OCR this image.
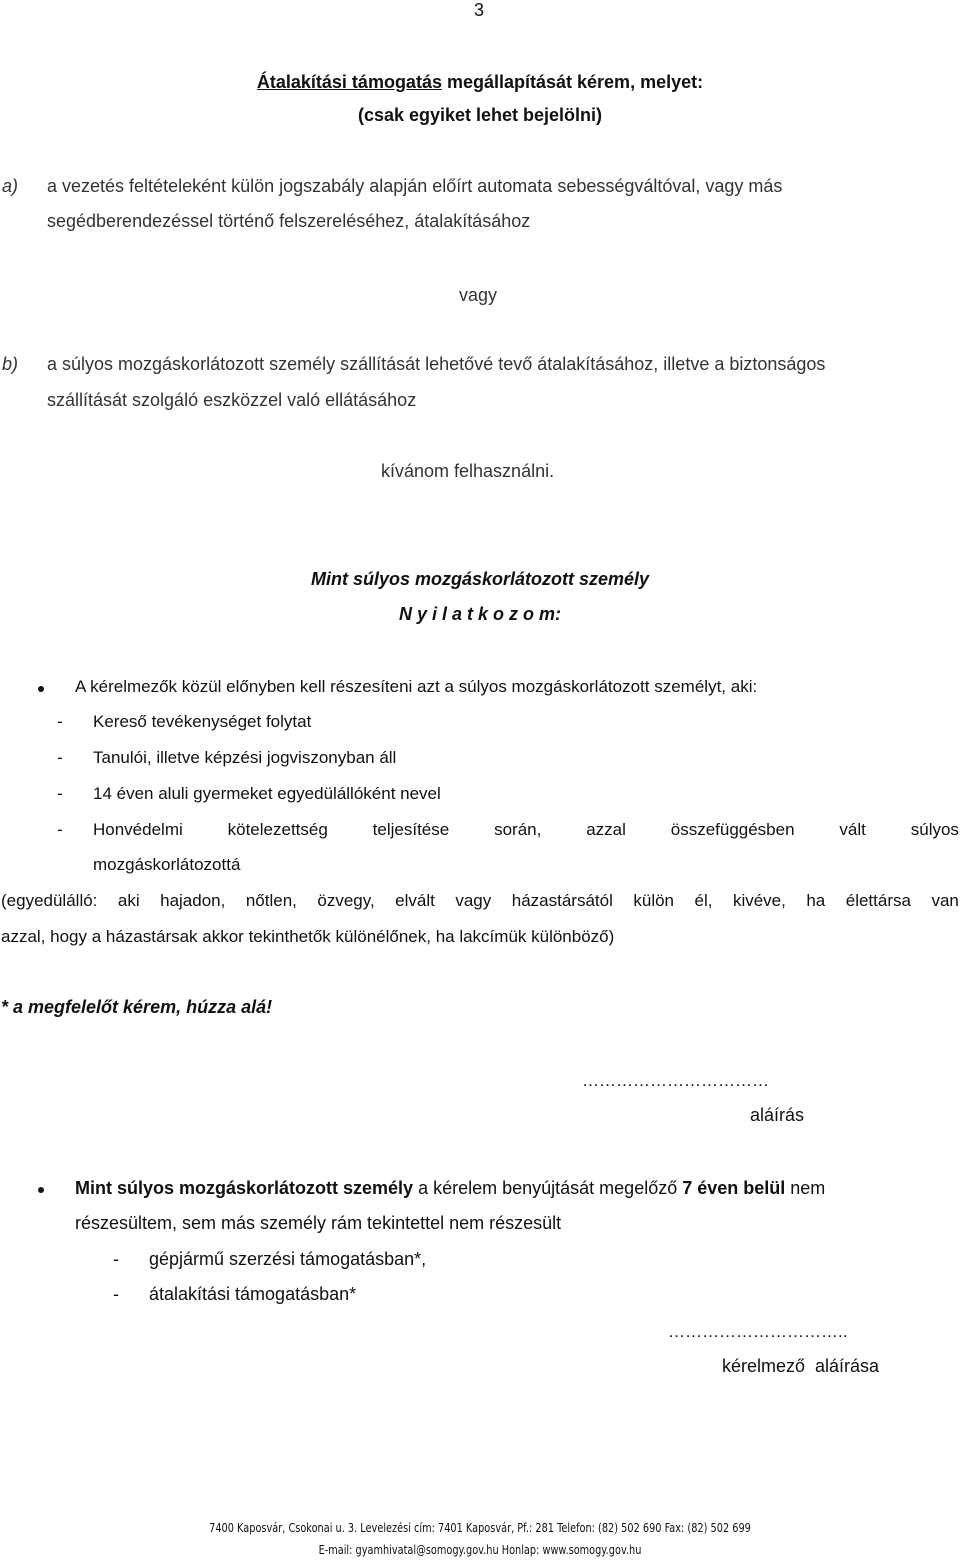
3
Átalakítási támogatás megállapítását kérem, melyet:
(csak egyiket lehet bejelölni)
a) a vezetés feltételeként külön jogszabály alapján előírt automata sebességváltóval, vagy más
segédberendezéssel történő felszereléséhez, átalakításához
vagy
b) a súlyos mozgáskorlátozott személy szállítását lehetővé tevő átalakításához, illetve a biztonságos
szállítását szolgáló eszközzel való ellátásához
kívánom felhasználni.
Mint súlyos mozgáskorlátozott személy
N y i l a t k o z o m:
A kérelmezők közül előnyben kell részesíteni azt a súlyos mozgáskorlátozott személyt, aki:
- Kereső tevékenységet folytat
- Tanulói, illetve képzési jogviszonyban áll
- 14 éven aluli gyermeket egyedülállóként nevel
- Honvédelmi	kötelezettség	teljesítése	során,	azzal	összefüggésben	vált	súlyos
mozgáskorlátozottá
(egyedülálló: aki hajadon, nőtlen, özvegy, elvált vagy házastársától külön él, kivéve, ha élettársa van
azzal, hogy a házastársak akkor tekinthetők különélőnek, ha lakcímük különböző)
* a megfelelőt kérem, húzza alá!
……………………………
aláírás
Mint súlyos mozgáskorlátozott személy a kérelem benyújtását megelőző 7 éven belül nem
részesültem, sem más személy rám tekintettel nem részesült
- gépjármű szerzési támogatásban*,
- átalakítási támogatásban*
…………………………..
kérelmező  aláírása
7400 Kaposvár, Csokonai u. 3. Levelezési cím: 7401 Kaposvár, Pf.: 281 Telefon: (82) 502 690 Fax: (82) 502 699
E-mail: gyamhivatal@somogy.gov.hu Honlap: www.somogy.gov.hu
